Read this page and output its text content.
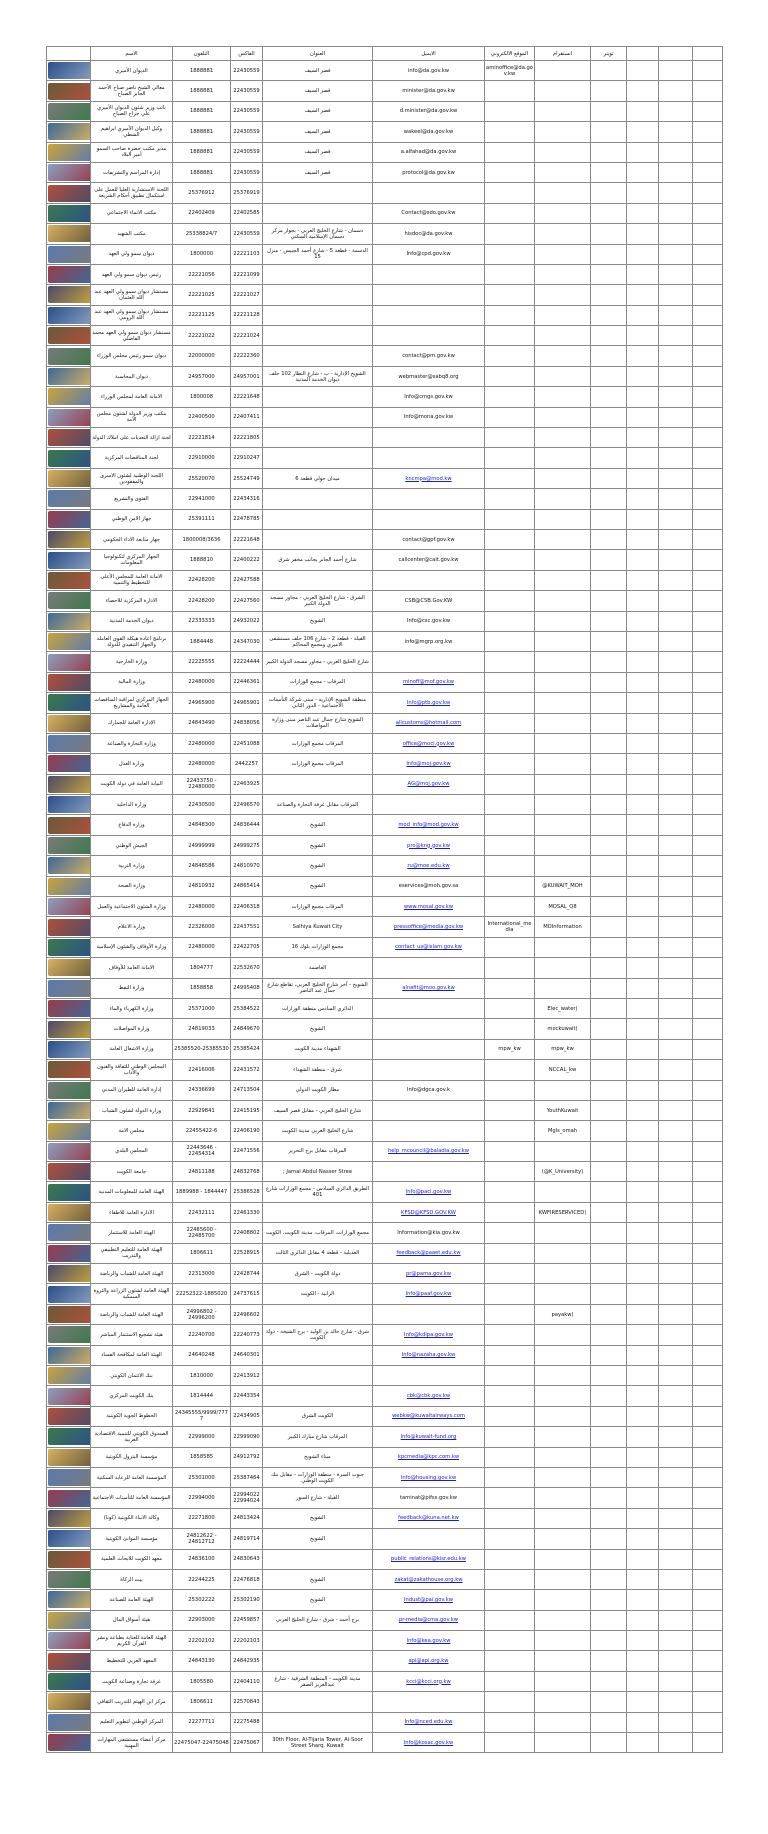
	الاسم	التلفون	الفاكس	العنوان	الايميل	الموقع الالكتروني	انستقرام	تويتر			

	الديوان الأميري	1888881	22430559	قصر السيف	info@da.gov.kw	aminoffice@da.gov.kw					

	معالي الشيخ ناصر صباح الأحمد الجابر الصباح	1888881	22430559	قصر السيف	minister@da.gov.kw						

	نائب وزير شئون الديوان الأميري علي جراح الصباح	1888881	22430559	قصر السيف	d.minister@da.gov.kw						

	وكيل الديوان الأميري ابراهيم الشطي	1888881	22430559	قصر السيف	wakeel@da.gov.kw						

	مدير مكتب حضرة صاحب السمو أمير البلاد	1888881	22430559	قصر السيف	a.alfahad@da.gov.kw						

	إدارة المراسم والتشريفات	1888881	22430559	قصر السيف	protocol@da.gov.kw						

	اللجنة الاستشارية العليا للعمل على استكمال تطبيق أحكام الشريعة	25376912	25376919								

	مكتب الانماء الاجتماعي	22402409	22402585		Contact@sdo.gov.kw						

	مكتب الشهيد	25338824/7	22430559	دسمان - شارع الخليج العربي - بجوار مركز دسمان الإسلامية السكني	hisdoc@da.gov.kw						

	ديوان سمو ولي العهد	1800000	22221103	الدسمة - قطعة 5 - شارع أحمد الجبيس - منزل 15	Info@cpd.gov.kw						

	رئيس ديوان سمو ولي العهد	22221056	22221099								

	مستشار ديوان سمو ولي العهد عبد الله العثمان	22221025	22221027								

	مستشار ديوان سمو ولي العهد عبد الله الرومي	22221125	22221128								

	مستشار ديوان سمو ولي العهد محمد الفاضلي	22221022	22221024								

	ديوان سمو رئيس مجلس الوزراء	22000000	22222360		contact@pm.gov.kw						

	ديوان المحاسبة	24957000	24957001	الشويخ الإدارية - ب - شارع النظار 102 خلف ديوان الخدمة المدنية	webmaster@sabq8.org						

	الامانة العامة لمجلس الوزراء	1800008	22221648		Info@cmgs.gov.kw						

	مكتب وزير الدولة لشئون مجلس الامة	22400500	22407411		Info@mona.gov.kw						

	لجنة ازالة التعديات على املاك الدولة	22221814	22221805								

	لجنة المناقصات المركزية	22910000	22910247								

	اللجنة الوطنية لشئون الاسرى والمفقودين	25520070	25524749	ميدان حولي قطعة 6	kncmpa@mod.kw						

	الفتوى والتشريع	22941000	22434316								

	جهاز الامن الوطني	25391111	22478785								

	جهاز متابعة الاداء الحكومي	1800008/3636	22221648		contact@gpf.gov.kw						

	الجهاز المركزي لتكنولوجيا المعلومات	1888810	22400222	شارع أحمد الجابر بجانب مخفر شرق	callcenter@cait.gov.kw						

	الامانة العامة للمجلس الأعلى للتخطيط والتنمية	22428200	22427588								

	الادارة المركزية للاحصاء	22428200	22427560	الشرق - شارع الخليج العربي - مجاور مسجد الدولة الكبير	CSB@CSB.Gov.KW						

	ديوان الخدمة المدنية	22333333	24932022	الشويخ	Info@csc.gov.kw						

	برنامج اعادة هيكلة القوى العاملة والجهاز التنفيذي للدولة	1884448	24347030	القبلة - قطعة 2 - شارع 106 خلف مستشفى الاميري ومجمع المحاكم	info@mgrp.org.kw						

	وزارة الخارجية	22225555	22224444	شارع الخليج العربي - مجاور مسجد الدولة الكبير							

	وزارة المالية	22480000	22446361	المرقاب - مجمع الوزارات	minoff@mof.gov.kw						

	الجهاز المركزي لمراقبة المناقصات العامة والمشاريع	24965900	24965901	منطقة الشويخ الإدارية - مبنى شركة التأمينات الاجتماعية - الدور الثاني	Info@ptb.gov.kw						

	الإدارة العامة للجمارك	24843490	24838056	الشويخ شارع جمال عبد الناصر مبنى وزارة المواصلات	allcustoms@hotmail.com						

	وزارة التجارة والصناعة	22480000	22451088	المرقاب مجمع الوزارات	office@moci.gov.kw						

	وزارة العدل	22480000	2442257	المرقاب مجمع الوزارات	Info@moj.gov.kw						

	النيابة العامة في دولة الكويت	22433750 - 22480000	22463925		AG@moj.gov.kw						

	وزارة الداخلية	22430500	22496570	المرقاب مقابل غرفة التجارة والصناعة							

	وزارة الدفاع	24848300	24836444	الشويخ	mod_info@mod.gov.kw						

	الجيش الوطني	24999999	24999275	الشويخ	pro@kng.gov.kw						

	وزارة التربية	24848586	24810970	الشويخ	ru@moe.edu.kw						

	وزارة الصحة	24810932	24865414	الشويخ	eservices@moh.gov.sa		@KUWAIT_MOH				

	وزارة الشئون الاجتماعية والعمل	22480000	22406318	المرقاب مجمع الوزارات	www.mosal.gov.kw		MOSAL_Q8				

	وزارة الاعلام	22326000	22437551	Salhiya Kuwait City	pressoffice@media.gov.kw	International_media	MOInformation				

	وزارة الأوقاف والشئون الإسلامية	22480000	22422705	مجمع الوزارات بلوك 16	contact_us@islam.gov.kw						

	الامانة العامة للأوقاف	1804777	22532670	العاصمة							

	وزارة النفط	1858858	24995408	الشويخ - آخر شارع الخليج العربي، تقاطع شارع جمال عبد الناصر	alnafit@moo.gov.kw						

	وزارة الكهرباء والماء	25371000	25384522	الدائري السادس منطقة الوزارات			Elec_water)				

	وزارة المواصلات	24819033	24849670	الشويخ			mockuwait)				

	وزارة الاشغال العامة	25385520-25385530	25385424	الشهداء مدينة الكويت		mpw_kw	mpw_kw				

	المجلس الوطني للثقافة والفنون والآداب	22416006	22431572	شرق - منطقة الشهداء			NCCAL_kw				

	إدارة العامة للطيران المدني	24336699	24713504	مطار الكويت الدولي	Info@dgca.gov.k						

	وزارة الدولة لشئون الشباب	22929841	22415195	شارع الخليج العربي - مقابل قصر السيف			YouthKuwait				

	مجلس الامة	22455422-6	22406190	شارع الخليج العربي مدينة الكويت			Mgls_omah				

	المجلس البلدي	22443646 - 22454314	22471556	المرقاب مقابل برج التحرير	help_mcouncil@baladia.gov.kw						

	جامعة الكويت	24811188	24832768	Jamal Abdul Nasser Stree ;			(@K_University)				

	الهيئة العامة للمعلومات المدنية	1889988 - 1844447	25386528	الطريق الدائري السادس - مجمع الوزارات شارع 401	Info@paci.gov.kw						

	الادارة العامة للاطفاء	22432111	22461330		KFSD@KFSD.GOV.KW		KWFIRESERVICED)				

	الهيئة العامة للاستثمار	22485600 - 22485700	22408802	مجمع الوزارات، المرقاب، مدينة الكويت، الكويت	Information@kia.gov.kw						

	الهيئة العامة للتعليم التطبيقي والتدريب	1806611	22528915	العديلية - قطعة 4 مقابل الدائري الثالث	feedback@paaet.edu.kw						

	الهيئة العامة للشباب والرياضة	22313000	22428744	دولة الكويت - الشرق	pr@pama.gov.kw						

	الهيئة العامة لشئون الزراعة والثروة السمكية	22252322-1885020	24737615	الرابية - الكويت	Info@paaf.gov.kw						

	الهيئة العامة للشباب والرياضة	24996802 - 24996200	22496602				payakw)				

	هيئة تشجيع الاستثمار المباشر	22240700	22240773	شرق - شارع خالد بن الوليد - برج الشيخة - دولة الكويت	Info@kdipa.gov.kw						

	الهيئة العامة لمكافحة الفساد	24640248	24640301		Info@nazaha.gov.kw						

	بنك الائتمان الكويتي	1810000	22413912								

	بنك الكويت المركزي	1814444	22443354		cbk@cbk.gov.kw						

	الخطوط الجوية الكويتية	24345555/9999/7777	22434905	الكويت الشرق	webkw@kuwaitairways.com						

	الصندوق الكويتي للتنمية الاقتصادية العربية	22999000	22999090	المرقاب شارع مبارك الكبير	Info@kuwait-fund.org						

	مؤسسة البترول الكويتية	1858585	24912792	ميناء الشويخ	kpcmedia@kpc.com.kw						

	المؤسسة العامة للرعاية السكنية	25301000	25387464	جنوب السرة - منطقة الوزارات - مقابل بنك الكويت الوطني	Info@housing.gov.kw						

	المؤسسة العامة للتأمينات الاجتماعية	22994000	22994022 22994024	القبلة - شارع السور	taminat@pifss.gov.kw						

	وكالة الانباء الكويتية (كونا)	22271800	24813424	الشويخ	feedback@kuna.net.kw						

	مؤسسة الموانئ الكويتية	24812622 - 24812712	24819714	الشويخ							

	معهد الكويت للابحاث العلمية	24836100	24830643		public_relations@kisr.edu.kw						

	بيت الزكاة	22244225	22476818	الشويخ	zakat@zakathouse.org.kw						

	الهيئة العامة للصناعة	25302222	25302190	الشويخ	Indust@pai.gov.kw						

	هيئة أسواق المال	22903000	22459857	برج أحمد - شرق - شارع الخليج العربي	pr-media@cma.gov.kw						

	الهيئة العامة للعناية بطباعة ونشر القرآن الكريم	22202102	22202103		Info@kea.gov.kw						

	المعهد العربي للتخطيط	24843130	24842935		api@api.org.kw						

	غرفة تجارة وصناعة الكويت	1805580	22404110	مدينة الكويت - المنطقة الشرقية - شارع عبدالعزيز الصقر	kcci@kcci.org.kw						

	مركز ابن الهيثم للتدريب الثقافي	1806611	22570843								

	المركز الوطني لتطوير التعليم	22277711	22275488		Info@nced.edu.kw						

	مركز أعضاء مستشفى المهارات المهنية	22475047-22475048	22475067	30th Floor, Al-Tijaria Tower, Al-Soor Street Sharq, Kuwait	Info@kosac.gov.kw						
